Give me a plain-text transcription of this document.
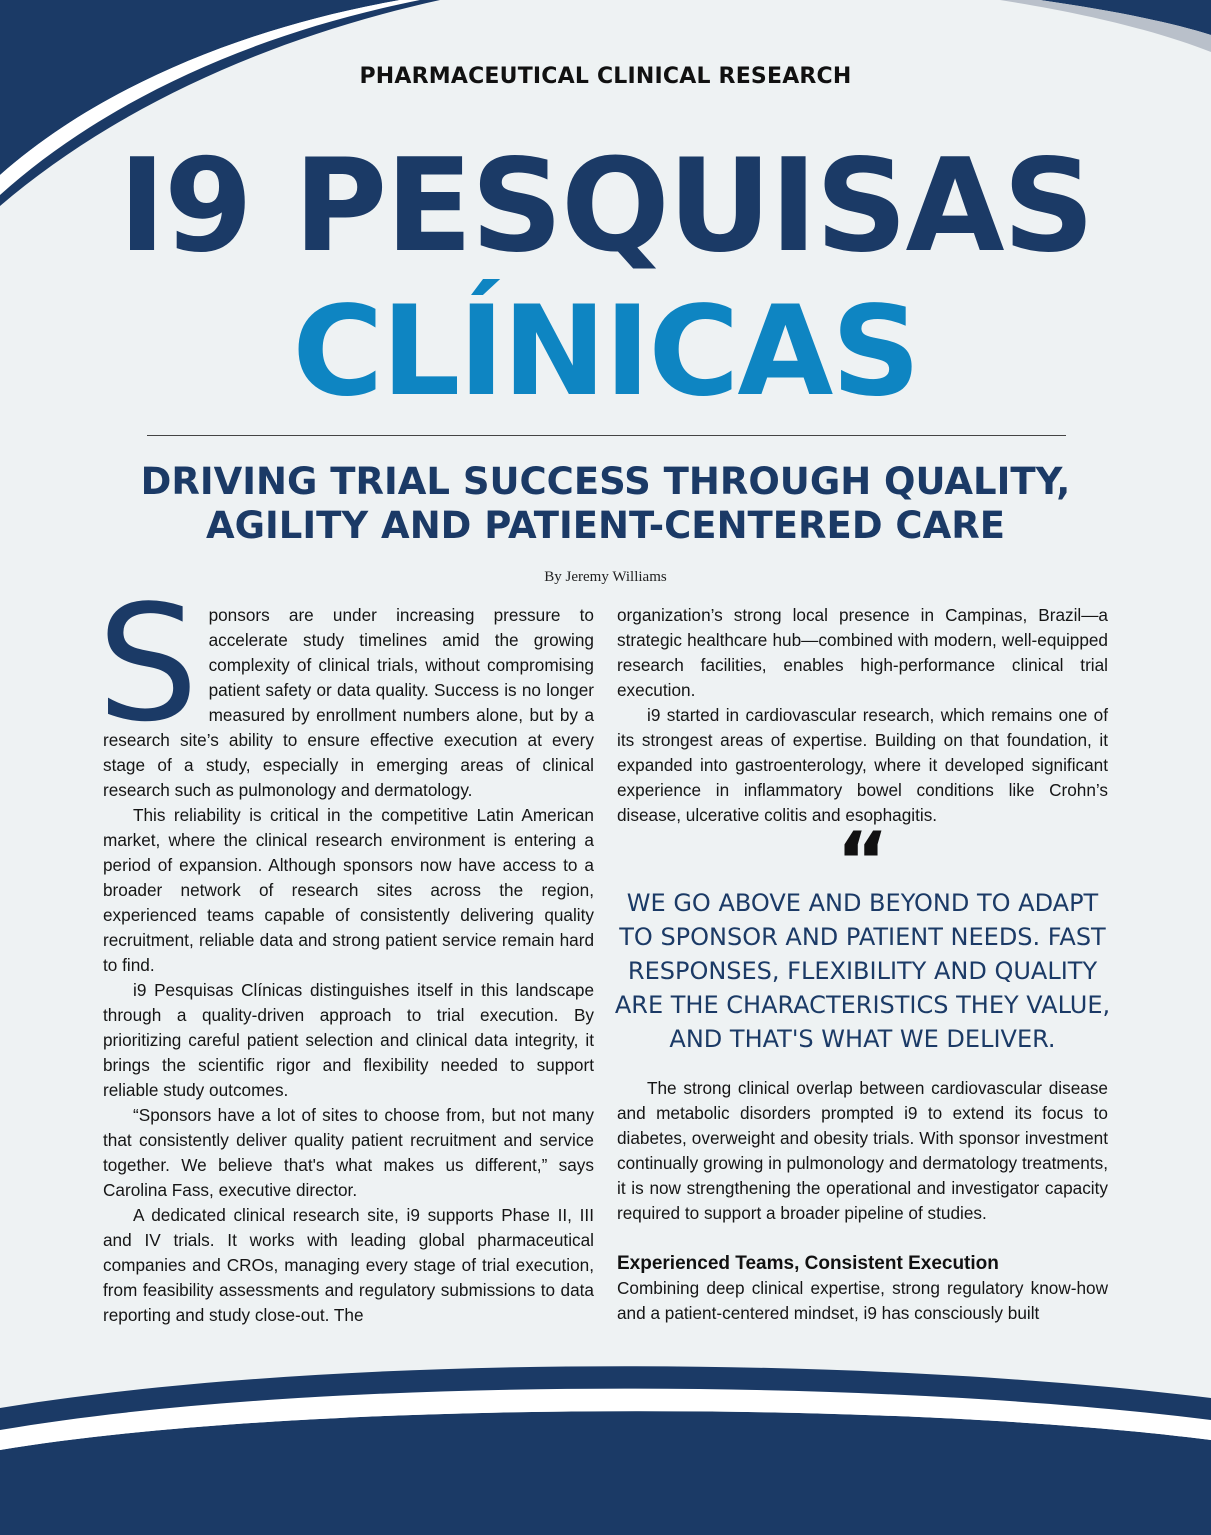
PHARMACEUTICAL CLINICAL RESEARCH
I9 PESQUISAS
CLÍNICAS
DRIVING TRIAL SUCCESS THROUGH QUALITY,
AGILITY AND PATIENT-CENTERED CARE
By Jeremy Williams
S ponsors are under increasing pressure to accelerate study timelines amid the growing complexity of clinical trials, without compromising patient safety or data quality. Success is no longer measured by enrollment numbers alone, but by a research site’s ability to ensure effective execution at every stage of a study, especially in emerging areas of clinical research such as pulmonology and dermatology.

This reliability is critical in the competitive Latin American market, where the clinical research environment is entering a period of expansion. Although sponsors now have access to a broader network of research sites across the region, experienced teams capable of consistently delivering quality recruitment, reliable data and strong patient service remain hard to find.

i9 Pesquisas Clínicas distinguishes itself in this landscape through a quality-driven approach to trial execution. By prioritizing careful patient selection and clinical data integrity, it brings the scientific rigor and flexibility needed to support reliable study outcomes.

“Sponsors have a lot of sites to choose from, but not many that consistently deliver quality patient recruitment and service together. We believe that's what makes us different,” says Carolina Fass, executive director.

A dedicated clinical research site, i9 supports Phase II, III and IV trials. It works with leading global pharmaceutical companies and CROs, managing every stage of trial execution, from feasibility assessments and regulatory submissions to data reporting and study close-out. The

organization’s strong local presence in Campinas, Brazil—a strategic healthcare hub—combined with modern, well-equipped research facilities, enables high-performance clinical trial execution.

i9 started in cardiovascular research, which remains one of its strongest areas of expertise. Building on that foundation, it expanded into gastroenterology, where it developed significant experience in inflammatory bowel conditions like Crohn’s disease, ulcerative colitis and esophagitis.

“
WE GO ABOVE AND BEYOND TO ADAPT TO SPONSOR AND PATIENT NEEDS. FAST RESPONSES, FLEXIBILITY AND QUALITY ARE THE CHARACTERISTICS THEY VALUE, AND THAT'S WHAT WE DELIVER.

The strong clinical overlap between cardiovascular disease and metabolic disorders prompted i9 to extend its focus to diabetes, overweight and obesity trials. With sponsor investment continually growing in pulmonology and dermatology treatments, it is now strengthening the operational and investigator capacity required to support a broader pipeline of studies.

Experienced Teams, Consistent Execution

Combining deep clinical expertise, strong regulatory know-how and a patient-centered mindset, i9 has consciously built
